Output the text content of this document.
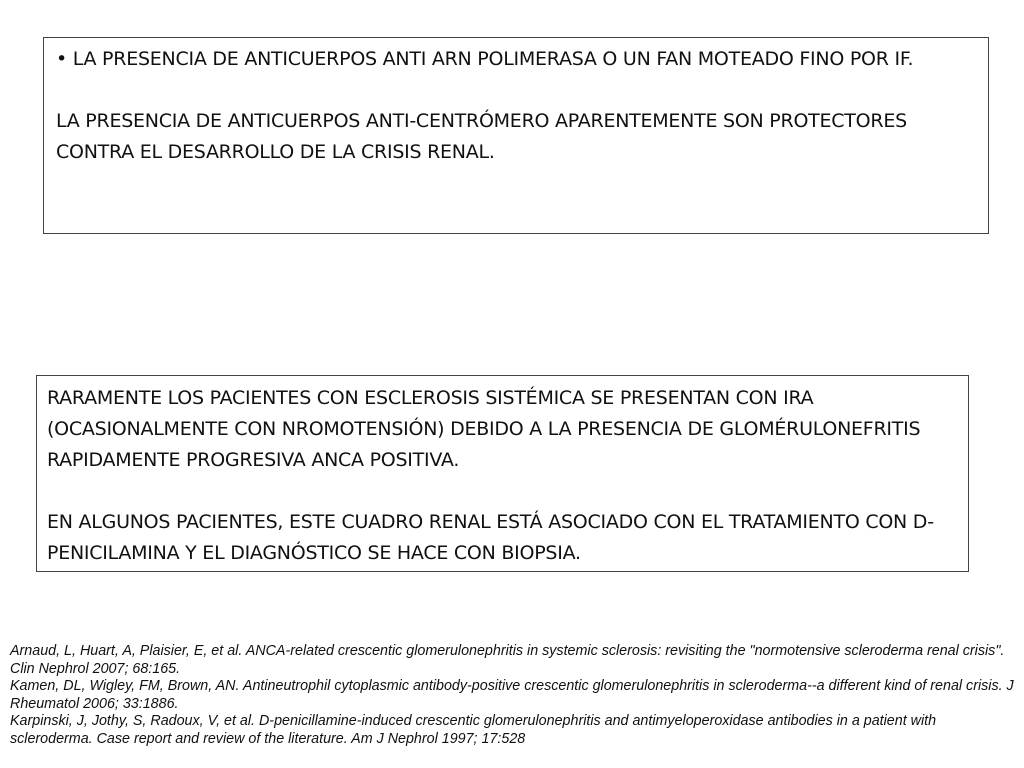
• LA PRESENCIA DE ANTICUERPOS ANTI ARN POLIMERASA O UN FAN MOTEADO FINO POR IF.

LA PRESENCIA DE ANTICUERPOS ANTI-CENTRÓMERO APARENTEMENTE SON PROTECTORES CONTRA EL DESARROLLO DE LA CRISIS RENAL.

RARAMENTE LOS PACIENTES CON ESCLEROSIS SISTÉMICA SE PRESENTAN CON IRA (OCASIONALMENTE CON NROMOTENSIÓN) DEBIDO A LA PRESENCIA DE GLOMÉRULONEFRITIS RAPIDAMENTE PROGRESIVA ANCA POSITIVA.

EN ALGUNOS PACIENTES, ESTE CUADRO RENAL ESTÁ ASOCIADO CON EL TRATAMIENTO CON D-PENICILAMINA Y EL DIAGNÓSTICO SE HACE CON BIOPSIA.

Arnaud, L, Huart, A, Plaisier, E, et al. ANCA-related crescentic glomerulonephritis in systemic sclerosis: revisiting the "normotensive scleroderma renal crisis". Clin Nephrol 2007; 68:165.

Kamen, DL, Wigley, FM, Brown, AN. Antineutrophil cytoplasmic antibody-positive crescentic glomerulonephritis in scleroderma--a different kind of renal crisis. J Rheumatol 2006; 33:1886.

Karpinski, J, Jothy, S, Radoux, V, et al. D-penicillamine-induced crescentic glomerulonephritis and antimyeloperoxidase antibodies in a patient with scleroderma. Case report and review of the literature. Am J Nephrol 1997; 17:528
